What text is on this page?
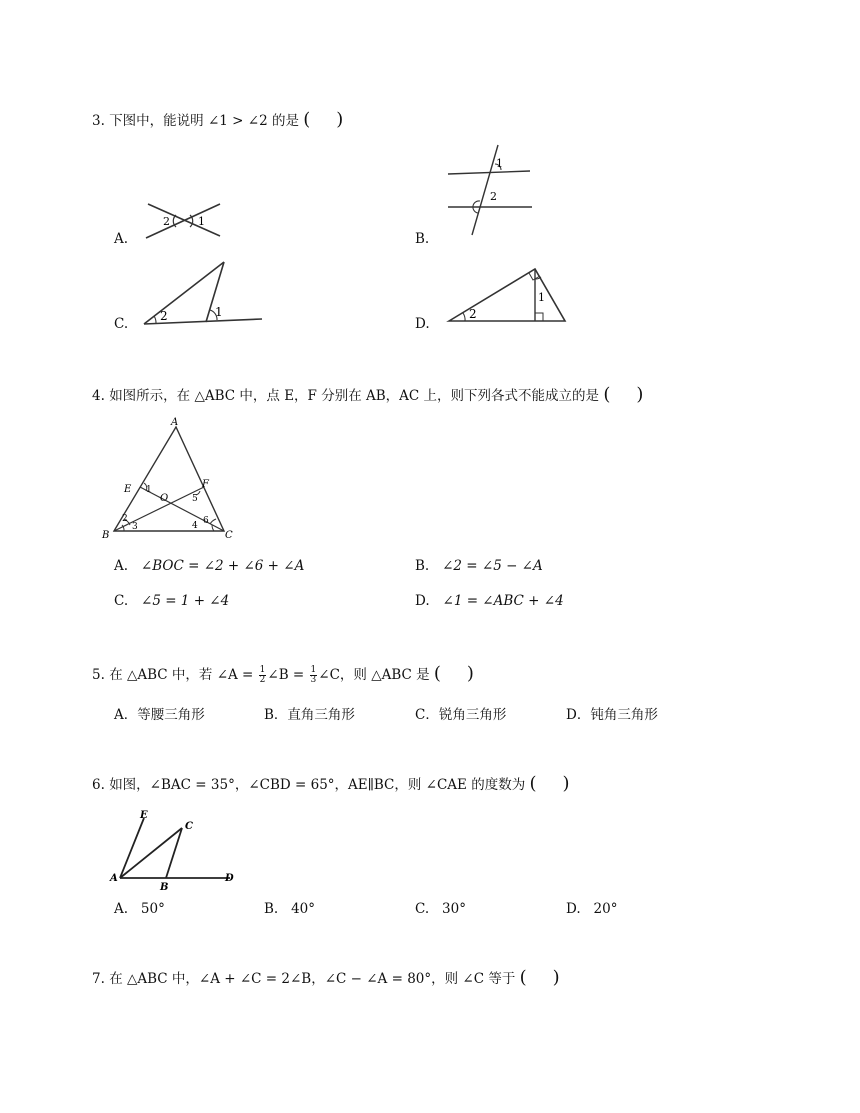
3. 下图中，能说明 ∠1 > ∠2 的是 ( )
A.
2	1
B.
1
2
C.	2	1
D.
2
1
4. 如图所示，在 △ABC 中，点 E，F 分别在 AB，AC 上，则下列各式不能成立的是 ( )
A
B	C
E	F
O
1
2
3	4
5
6
A. ∠BOC = ∠2 + ∠6 + ∠A	B. ∠2 = ∠5 − ∠A
C. ∠5 = 1 + ∠4	D. ∠1 = ∠ABC + ∠4
5. 在 △ABC 中，若 ∠A = $\frac{1}{2}$ ∠B = $\frac{1}{3}$ ∠C，则 △ABC 是 ( )
A．等腰三角形	B．直角三角形	C．锐角三角形	D．钝角三角形
6. 如图，∠BAC = 35°，∠CBD = 65°，AE∥BC，则 ∠CAE 的度数为 ( )
E
C
A
B
D
A. 50°	B. 40°	C. 30°	D. 20°
7. 在 △ABC 中，∠A + ∠C = 2∠B，∠C − ∠A = 80°，则 ∠C 等于 ( )
